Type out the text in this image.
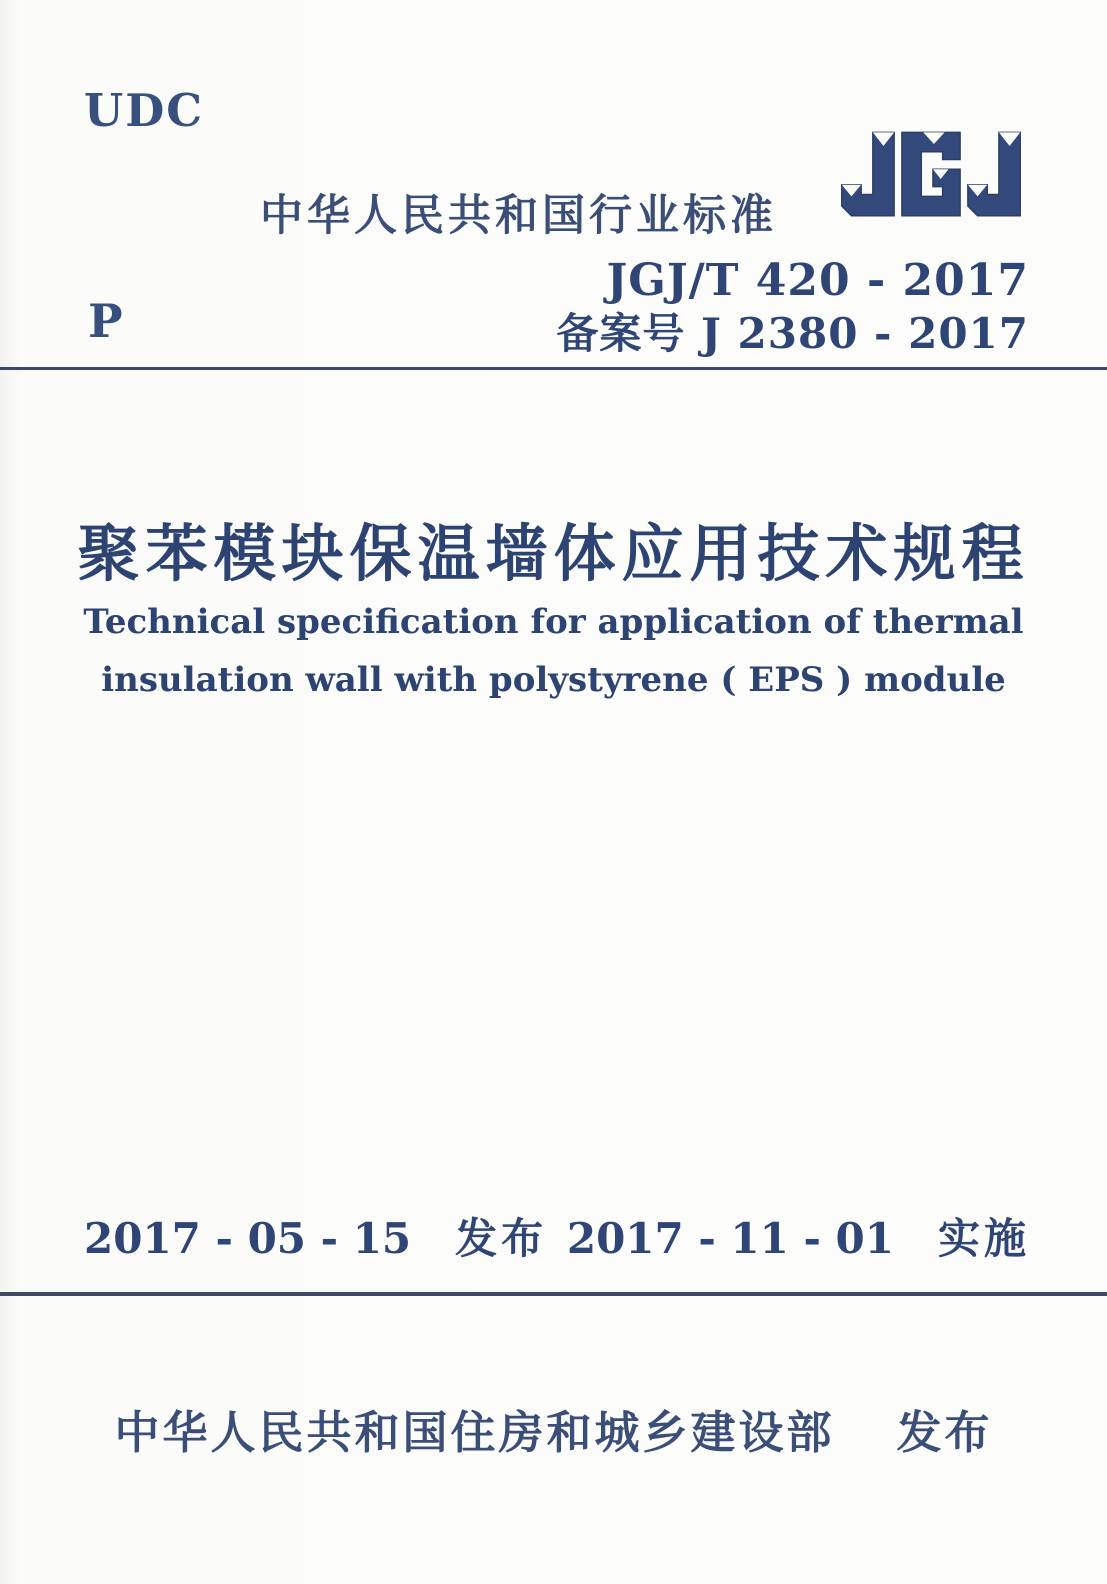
UDC
中华人民共和国行业标准
JGJ/T 420 - 2017
备案号 J 2380 - 2017
P
聚苯模块保温墙体应用技术规程
Technical specification for application of thermal
insulation wall with polystyrene ( EPS ) module
2017 - 05 - 15 发布 2017 - 11 - 01 实施
中华人民共和国住房和城乡建设部 发布
